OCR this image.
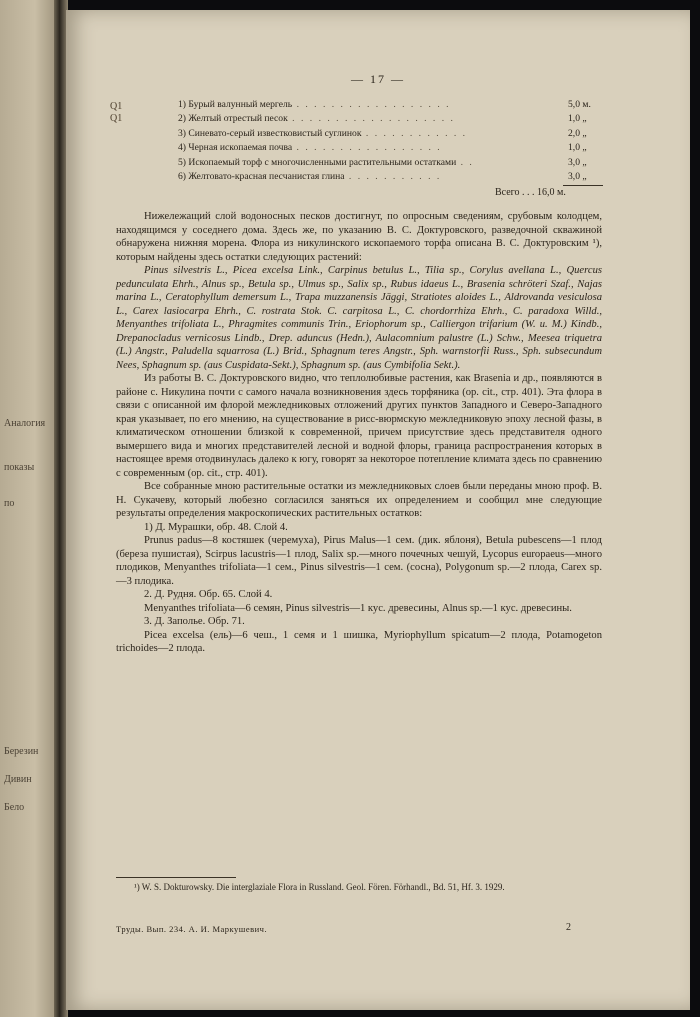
Аналогия
показы
по
Березин
Дивин
Бело
— 17 —
Q1
Q1
1) Бурый валунный мергель . . . . . . . . . . . . . . . . . .	5,0 м.
2) Желтый отрестый песок . . . . . . . . . . . . . . . . . . .	1,0 „
3) Синевато-серый известковистый суглинок . . . . . . . . . . . .	2,0 „
4) Черная ископаемая почва . . . . . . . . . . . . . . . . .	1,0 „
5) Ископаемый торф с многочисленными растительными остатками . .	3,0 „
6) Желтовато-красная песчанистая глина . . . . . . . . . . .	3,0 „
Всего . . . 16,0 м.

Нижележащий слой водоносных песков достигнут, по опросным сведениям, срубовым колодцем, находящимся у соседнего дома. Здесь же, по указанию В. С. Доктуровского, разведочной скважиной обнаружена нижняя морена. Флора из никулинского ископаемого торфа описана В. С. Доктуровским ¹), которым найдены здесь остатки следующих растений:

Pinus silvestris L., Picea excelsa Link., Carpinus betulus L., Tilia sp., Corylus avellana L., Quercus pedunculata Ehrh., Alnus sp., Betula sp., Ulmus sp., Salix sp., Rubus idaeus L., Brasenia schröteri Szaf., Najas marina L., Ceratophyllum demersum L., Trapa muzzanensis Jäggi, Stratiotes aloides L., Aldrovanda vesiculosa L., Carex lasiocarpa Ehrh., C. rostrata Stok. C. carpitosa L., C. chordorrhiza Ehrh., C. paradoxa Willd., Menyanthes trifoliata L., Phragmites communis Trin., Eriophorum sp., Calliergon trifarium (W. u. M.) Kindb., Drepanocladus vernicosus Lindb., Drep. aduncus (Hedn.), Aulacomnium palustre (L.) Schw., Meesea triquetra (L.) Angstr., Paludella squarrosa (L.) Brid., Sphagnum teres Angstr., Sph. warnstorfii Russ., Sph. subsecundum Nees, Sphagnum sp. (aus Cuspidata-Sekt.), Sphagnum sp. (aus Cymbifolia Sekt.).

Из работы В. С. Доктуровского видно, что теплолюбивые растения, как Brasenia и др., появляются в районе с. Никулина почти с самого начала возникновения здесь торфяника (op. cit., стр. 401). Эта флора в связи с описанной им флорой межледниковых отложений других пунктов Западного и Северо-Западного края указывает, по его мнению, на существование в рисс-вюрмскую межледниковую эпоху лесной фазы, в климатическом отношении близкой к современной, причем присутствие здесь представителя одного вымершего вида и многих представителей лесной и водной флоры, граница распространения которых в настоящее время отодвинулась далеко к югу, говорят за некоторое потепление климата здесь по сравнению с современным (op. cit., стр. 401).

Все собранные мною растительные остатки из межледниковых слоев были переданы мною проф. В. Н. Сукачеву, который любезно согласился заняться их определением и сообщил мне следующие результаты определения макроскопических растительных остатков:

1) Д. Мурашки, обр. 48. Слой 4.

Prunus padus—8 костяшек (черемуха), Pirus Malus—1 сем. (дик. яблоня), Betula pubescens—1 плод (береза пушистая), Scirpus lacustris—1 плод, Salix sp.—много почечных чешуй, Lycopus europaeus—много плодиков, Menyanthes trifoliata—1 сем., Pinus silvestris—1 сем. (сосна), Polygonum sp.—2 плода, Carex sp.—3 плодика.

2. Д. Рудня. Обр. 65. Слой 4.

Menyanthes trifoliata—6 семян, Pinus silvestris—1 кус. древесины, Alnus sp.—1 кус. древесины.

3. Д. Заполье. Обр. 71.

Picea excelsa (ель)—6 чеш., 1 семя и 1 шишка, Myriophyllum spicatum—2 плода, Potamogeton trichoides—2 плода.

¹) W. S. Dokturowsky. Die interglaziale Flora in Russland. Geol. Fören. Förhandl., Bd. 51, Hf. 3. 1929.

Труды. Вып. 234. А. И. Маркушевич.	2
